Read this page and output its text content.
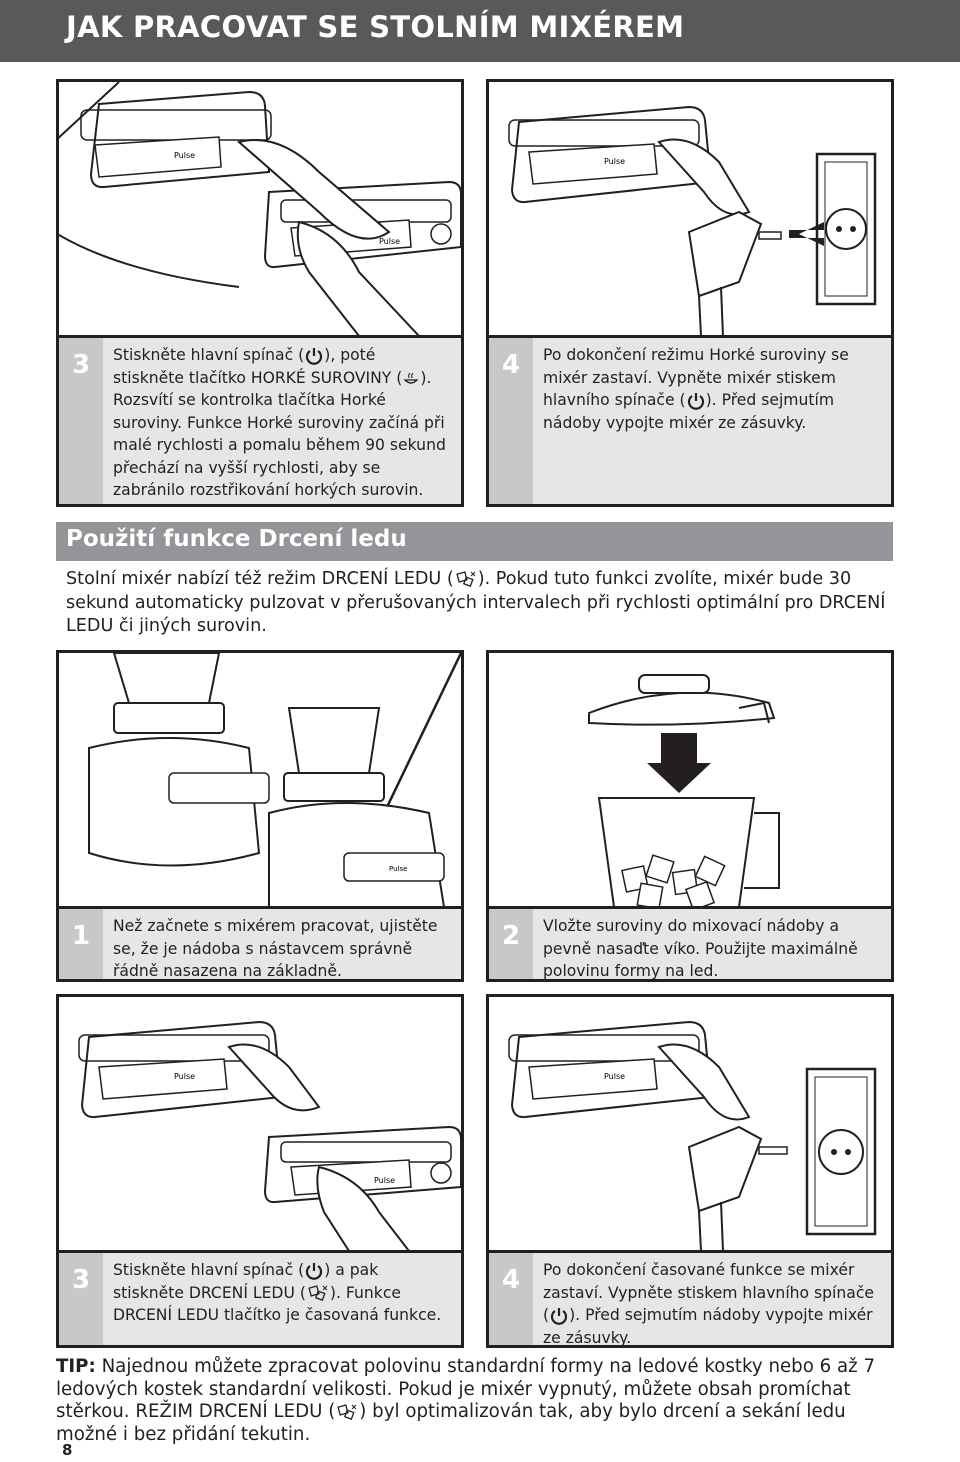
JAK PRACOVAT SE STOLNÍM MIXÉREM
Pulse
Pulse
Pulse
3	Stiskněte hlavní spínač ( ), poté stiskněte tlačítko HORKÉ SUROVINY ( ). Rozsvítí se kontrolka tlačítka Horké suroviny. Funkce Horké suroviny začíná při malé rychlosti a pomalu během 90 sekund přechází na vyšší rychlosti, aby se zabránilo rozstřikování horkých surovin.
4	Po dokončení režimu Horké suroviny se mixér zastaví. Vypněte mixér stiskem hlavního spínače ( ). Před sejmutím nádoby vypojte mixér ze zásuvky.
Použití funkce Drcení ledu
Stolní mixér nabízí též režim DRCENÍ LEDU ( ). Pokud tuto funkci zvolíte, mixér bude 30 sekund automaticky pulzovat v přerušovaných intervalech při rychlosti optimální pro DRCENÍ LEDU či jiných surovin.
Pulse
1	Než začnete s mixérem pracovat, ujistěte se, že je nádoba s nástavcem správně řádně nasazena na základně.
2	Vložte suroviny do mixovací nádoby a pevně nasaďte víko. Použijte maximálně polovinu formy na led.
Pulse
Pulse
Pulse
3	Stiskněte hlavní spínač ( ) a pak stiskněte DRCENÍ LEDU ( ). Funkce DRCENÍ LEDU tlačítko je časovaná funkce.
4	Po dokončení časované funkce se mixér zastaví. Vypněte stiskem hlavního spínače ( ). Před sejmutím nádoby vypojte mixér ze zásuvky.
TIP: Najednou můžete zpracovat polovinu standardní formy na ledové kostky nebo 6 až 7 ledových kostek standardní velikosti. Pokud je mixér vypnutý, můžete obsah promíchat stěrkou. REŽIM DRCENÍ LEDU ( ) byl optimalizován tak, aby bylo drcení a sekání ledu možné i bez přidání tekutin.
8
